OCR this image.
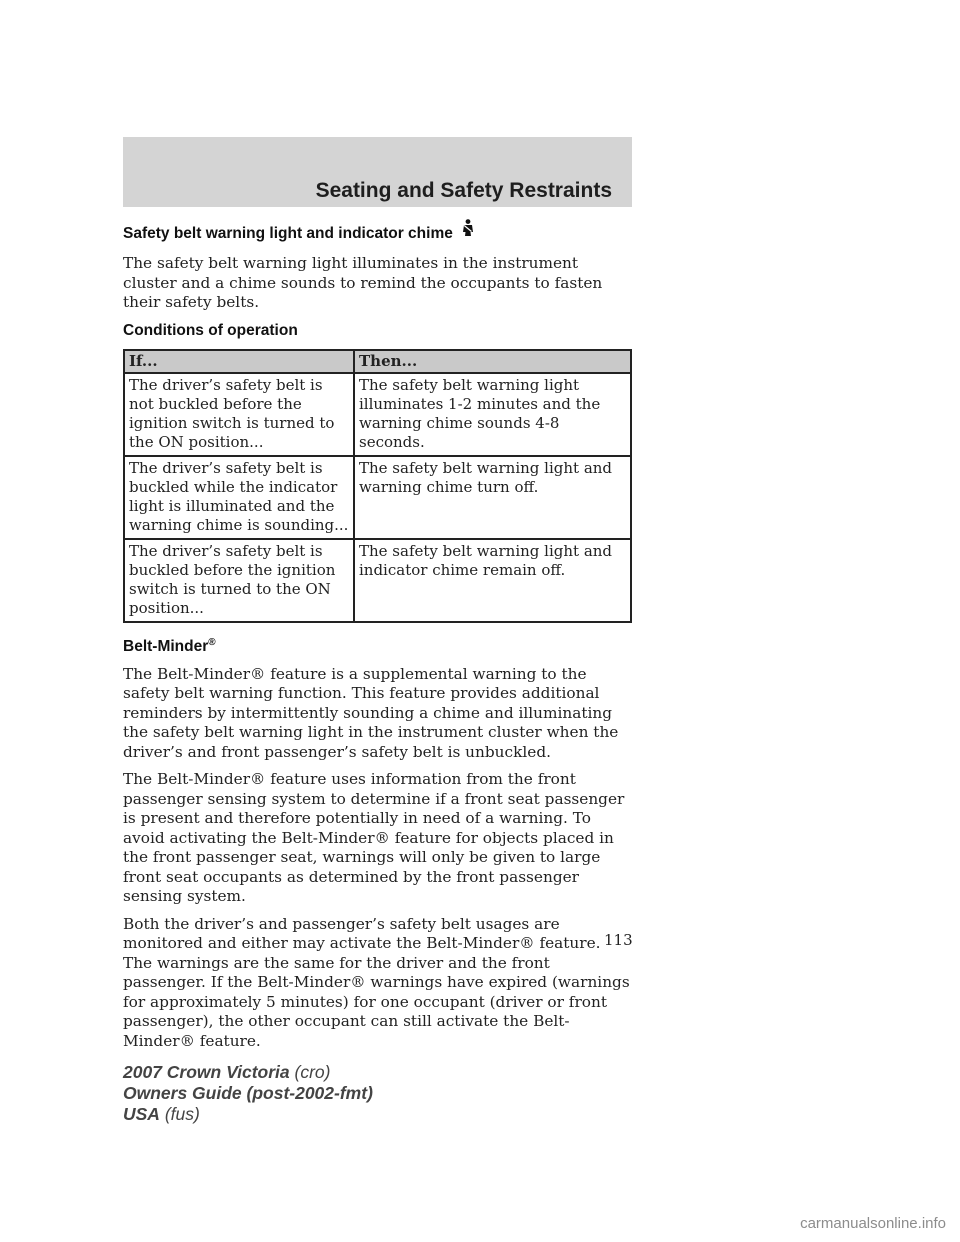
Seating and Safety Restraints
Safety belt warning light and indicator chime

The safety belt warning light illuminates in the instrument cluster and a chime sounds to remind the occupants to fasten their safety belts.

Conditions of operation
If...	Then...
The driver’s safety belt is not buckled before the ignition switch is turned to the ON position...	The safety belt warning light illuminates 1-2 minutes and the warning chime sounds 4-8 seconds.
The driver’s safety belt is buckled while the indicator light is illuminated and the warning chime is sounding...	The safety belt warning light and warning chime turn off.
The driver’s safety belt is buckled before the ignition switch is turned to the ON position...	The safety belt warning light and indicator chime remain off.
Belt-Minder®

The Belt-Minder® feature is a supplemental warning to the safety belt warning function. This feature provides additional reminders by intermittently sounding a chime and illuminating the safety belt warning light in the instrument cluster when the driver’s and front passenger’s safety belt is unbuckled.

The Belt-Minder® feature uses information from the front passenger sensing system to determine if a front seat passenger is present and therefore potentially in need of a warning. To avoid activating the Belt-Minder® feature for objects placed in the front passenger seat, warnings will only be given to large front seat occupants as determined by the front passenger sensing system.

Both the driver’s and passenger’s safety belt usages are monitored and either may activate the Belt-Minder® feature. The warnings are the same for the driver and the front passenger. If the Belt-Minder® warnings have expired (warnings for approximately 5 minutes) for one occupant (driver or front passenger), the other occupant can still activate the Belt-Minder® feature.

113
2007 Crown Victoria (cro)
Owners Guide (post-2002-fmt)
USA (fus)
carmanualsonline.info
